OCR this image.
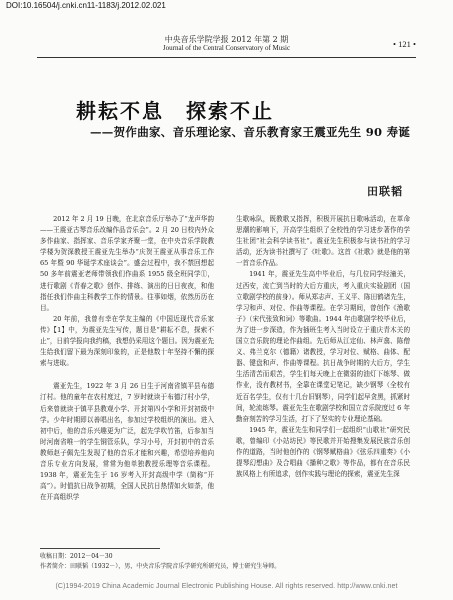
DOI:10.16504/j.cnki.cn11-1183/j.2012.02.021
中央音乐学院学报 2012 年第 2 期
Journal of the Central Conservatory of Music	• 121 •
耕耘不息 探索不止
——贺作曲家、音乐理论家、音乐教育家王震亚先生 90 寿诞
田联韬

2012 年 2 月 19 日晚，在北京音乐厅举办了“龙声华韵——王震亚古琴音乐改编作品音乐会”。2 月 20 日校内外众多作曲家、指挥家、音乐学家齐聚一堂，在中央音乐学院教学楼为贺深教授王震亚先生举办“庆贺王震亚从事音乐工作 65 年暨 90 华诞学术座谈会”。盛会过程中，我不禁回想起 50 多年前震亚老师带领我们作曲系 1955 级全班同学①，进行歌剧《青春之歌》创作、排练、演出的日日夜夜，和他指任我们作曲主科教学工作的情景。往事如烟，依然历历在目。

20 年前，我曾有幸在学友主编的《中国近现代音乐家传》【1】中，为震亚先生写传，题目是“耕耘不息，探索不止”，日前学报向我约稿，我想仍采用这个题目。因为震亚先生给我们留下最为深刻印象的，正是他数十年坚持不懈的探索与进取。

震亚先生，1922 年 3 月 26 日生于河南省镇平县布德汀村。他的童年在农村度过，7 岁时就读于布德汀村小学，后来曾就读于镇平县教观小学、开封第四小学和开封初级中学。少年时期即以善唱出名，参加过学校组织的演出。进入初中后，他的音乐兴趣更为广泛，起先学吹竹笛，后参加当时河南省唯一的学生铜管乐队，学习小号，开封初中的音乐教师赵子佩先生发现了他的音乐才能和兴趣，希望培养他向音乐专业方向发展，常常为他单独教授乐理等音乐课程。1938 年，震亚先生于 16 岁考入开封高级中学（简称“开高”）。时值抗日战争初期，全国人民抗日热情如火如荼，他在开高组织学

生歌咏队，既教歌又指挥，积极开展抗日歌咏活动，在革命思潮的影响下，开高学生组织了全校性的学习进步著作的学生社团“社会科学读书社”。震亚先生积极参与读书社的学习活动，还为读书社撰写了《吐歌》。这首《社歌》就是他的第一首音乐作品。

1941 年，震亚先生高中毕业后，与几位同学经潼关，过西安，流亡到当时的大后方重庆，考入重庆实验剧团（国立歌剧学校的前身）。师从郑志声、王义平、陈田鹤诸先生，学习和声、对位、作曲等课程。在学习期间，曾创作《渔歌子》（宋代张致和词）等歌曲。1944 年由歌剧学校毕业后，为了进一步深造，作为插班生考入当时设立于重庆青木关的国立音乐院的理论作曲组。先后师从江定仙、林声翕、陈僧义、弗兰克尔（德籍）诸教授，学习对位、赋格、曲体、配器、键盘和声、作曲等课程。抗日战争时期的大后方，学生生活清苦而艰苦，学生们每天晚上在微弱的油灯下练琴、做作业，没有教材书，全靠在课堂记笔记，缺少钢琴（全校有近百名学生，仅有十几台旧钢琴），同学们起早贪黑，抓紧时间，轮流练琴。震亚先生在歌剧学校和国立音乐院度过 6 年勤奋刻苦的学习生活，打下了坚实的专业理论基础。

1945 年，震亚先生和同学们一起组织“山歌社”研究民歌，曾编印《小站坊民》等民歌并开始搜集发展民族音乐创作的道路，当时他创作的《钢琴赋格曲》《弦乐四重奏》《小提琴幻想曲》及合唱曲《播种之歌》等作品，都有在音乐民族风格上有所追求，创作实践与理论的探索，震亚先生深

收稿日期：2012－04－30
作者简介：田联韬（1932－），男，中央音乐学院音乐学研究所研究员，博士研究生导师。
(C)1994-2019 China Academic Journal Electronic Publishing House. All rights reserved. http://www.cnki.net
